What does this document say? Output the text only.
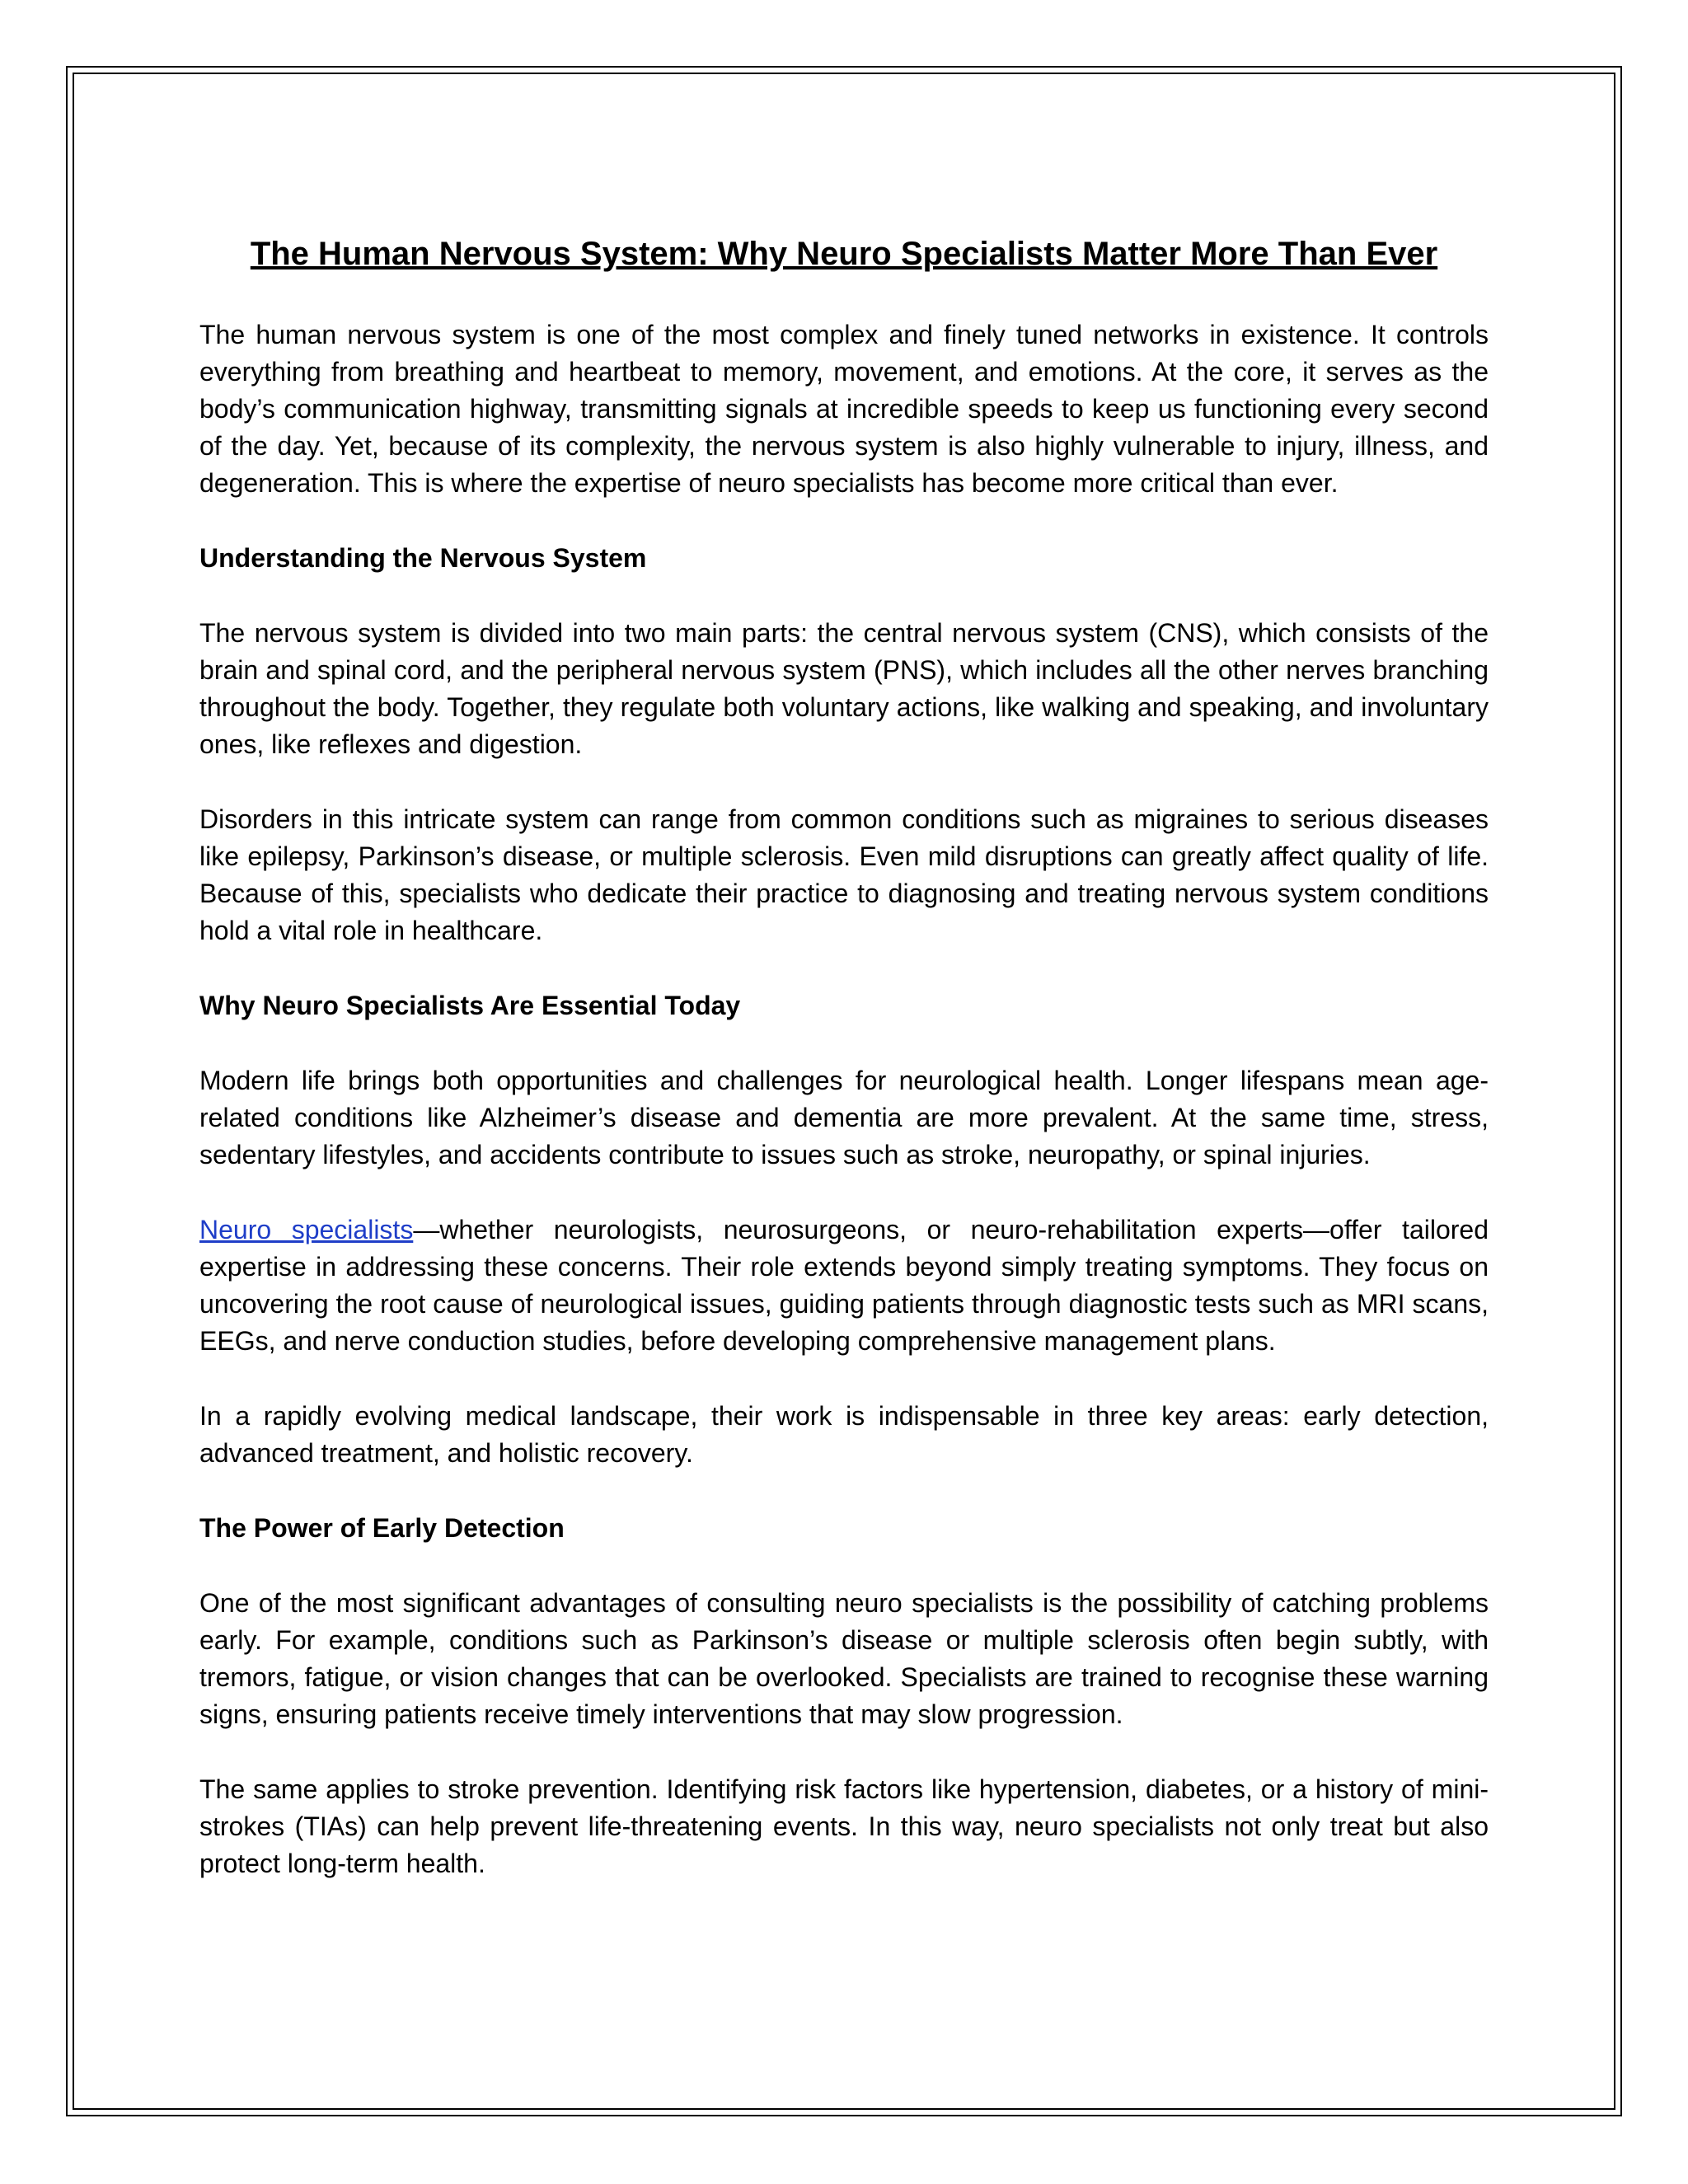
The Human Nervous System: Why Neuro Specialists Matter More Than Ever

The human nervous system is one of the most complex and finely tuned networks in existence. It controls everything from breathing and heartbeat to memory, movement, and emotions. At the core, it serves as the body’s communication highway, transmitting signals at incredible speeds to keep us functioning every second of the day. Yet, because of its complexity, the nervous system is also highly vulnerable to injury, illness, and degeneration. This is where the expertise of neuro specialists has become more critical than ever.

Understanding the Nervous System

The nervous system is divided into two main parts: the central nervous system (CNS), which consists of the brain and spinal cord, and the peripheral nervous system (PNS), which includes all the other nerves branching throughout the body. Together, they regulate both voluntary actions, like walking and speaking, and involuntary ones, like reflexes and digestion.

Disorders in this intricate system can range from common conditions such as migraines to serious diseases like epilepsy, Parkinson’s disease, or multiple sclerosis. Even mild disruptions can greatly affect quality of life. Because of this, specialists who dedicate their practice to diagnosing and treating nervous system conditions hold a vital role in healthcare.

Why Neuro Specialists Are Essential Today

Modern life brings both opportunities and challenges for neurological health. Longer lifespans mean age-related conditions like Alzheimer’s disease and dementia are more prevalent. At the same time, stress, sedentary lifestyles, and accidents contribute to issues such as stroke, neuropathy, or spinal injuries.

Neuro specialists—whether neurologists, neurosurgeons, or neuro-rehabilitation experts—offer tailored expertise in addressing these concerns. Their role extends beyond simply treating symptoms. They focus on uncovering the root cause of neurological issues, guiding patients through diagnostic tests such as MRI scans, EEGs, and nerve conduction studies, before developing comprehensive management plans.

In a rapidly evolving medical landscape, their work is indispensable in three key areas: early detection, advanced treatment, and holistic recovery.

The Power of Early Detection

One of the most significant advantages of consulting neuro specialists is the possibility of catching problems early. For example, conditions such as Parkinson’s disease or multiple sclerosis often begin subtly, with tremors, fatigue, or vision changes that can be overlooked. Specialists are trained to recognise these warning signs, ensuring patients receive timely interventions that may slow progression.

The same applies to stroke prevention. Identifying risk factors like hypertension, diabetes, or a history of mini-strokes (TIAs) can help prevent life-threatening events. In this way, neuro specialists not only treat but also protect long-term health.
